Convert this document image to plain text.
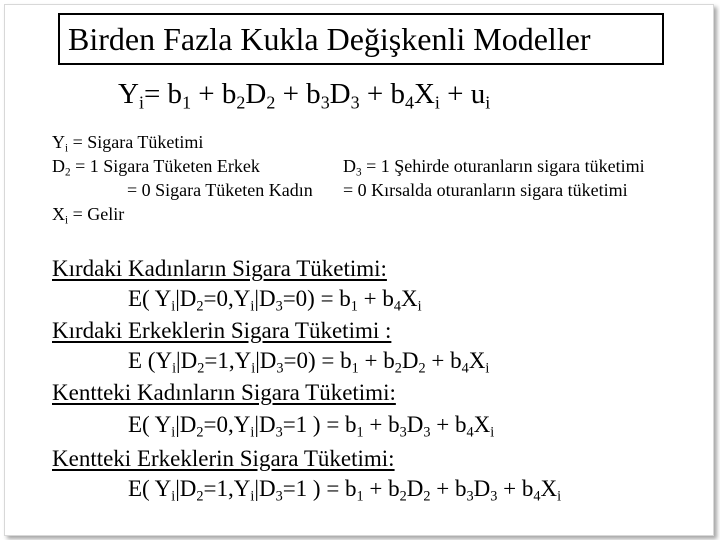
Birden Fazla Kukla Değişkenli Modeller
$Y_i= b_1 + b_2D_2 + b_3D_3 + b_4X_i + u_i$
$Y_i$ = Sigara Tüketimi
$D_2 = 1$ Sigara Tüketen Erkek	$D_3 = 1$ Şehirde oturanların sigara tüketimi
= 0 Sigara Tüketen Kadın = 0 Kırsalda oturanların sigara tüketimi
$X_i$ = Gelir
Kırdaki Kadınların Sigara Tüketimi:
E( $Y_i|D_2=0,Y_i|D_3=0) = b_1 + b_4X_i$
Kırdaki Erkeklerin Sigara Tüketimi :
E $(Y_i|D_2=1,Y_i|D_3=0) = b_1 + b_2D_2 + b_4X_i$
Kentteki Kadınların Sigara Tüketimi:
E( $Y_i|D_2=0,Y_i|D_3=1$ ) = $b_1 + b_3D_3 + b_4X_i$
Kentteki Erkeklerin Sigara Tüketimi:
E( $Y_i|D_2=1,Y_i|D_3=1$ ) = $b_1 + b_2D_2 + b_3D_3 + b_4X_i$
